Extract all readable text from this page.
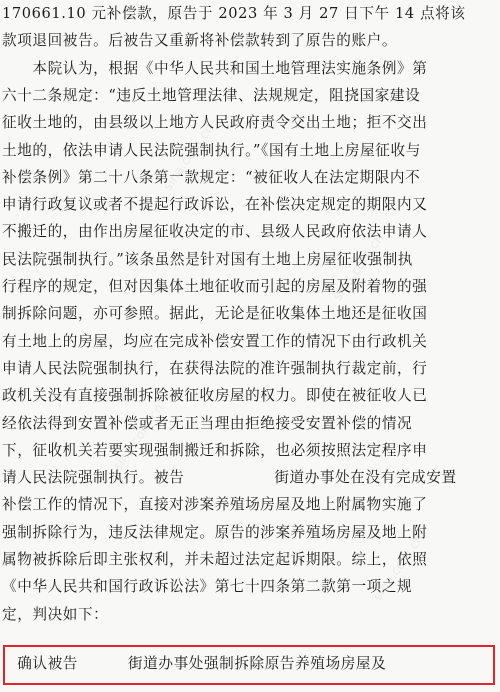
170661.10 元补偿款，原告于 2023 年 3 月 27 日下午 14 点将该
款项退回被告。后被告又重新将补偿款转到了原告的账户。
　　本院认为，根据《中华人民共和国土地管理法实施条例》第
六十二条规定：“违反土地管理法律、法规规定，阻挠国家建设
征收土地的，由县级以上地方人民政府责令交出土地；拒不交出
土地的，依法申请人民法院强制执行。”《国有土地上房屋征收与
补偿条例》第二十八条第一款规定：“被征收人在法定期限内不
申请行政复议或者不提起行政诉讼，在补偿决定规定的期限内又
不搬迁的，由作出房屋征收决定的市、县级人民政府依法申请人
民法院强制执行。”该条虽然是针对国有土地上房屋征收强制执
行程序的规定，但对因集体土地征收而引起的房屋及附着物的强
制拆除问题，亦可参照。据此，无论是征收集体土地还是征收国
有土地上的房屋，均应在完成补偿安置工作的情况下由行政机关
申请人民法院强制执行，在获得法院的准许强制执行裁定前，行
政机关没有直接强制拆除被征收房屋的权力。即使在被征收人已
经依法得到安置补偿或者无正当理由拒绝接受安置补偿的情况
下，征收机关若要实现强制搬迁和拆除，也必须按照法定程序申
请人民法院强制执行。被告	街道办事处在没有完成安置
补偿工作的情况下，直接对涉案养殖场房屋及地上附属物实施了
强制拆除行为，违反法律规定。原告的涉案养殖场房屋及地上附
属物被拆除后即主张权利，并未超过法定起诉期限。综上，依照
《中华人民共和国行政诉讼法》第七十四条第二款第一项之规
定，判决如下：
　确认被告	街道办事处强制拆除原告养殖场房屋及
sina.com.cn
sina.com.cn
sina.com.cn
sina.com.cn
